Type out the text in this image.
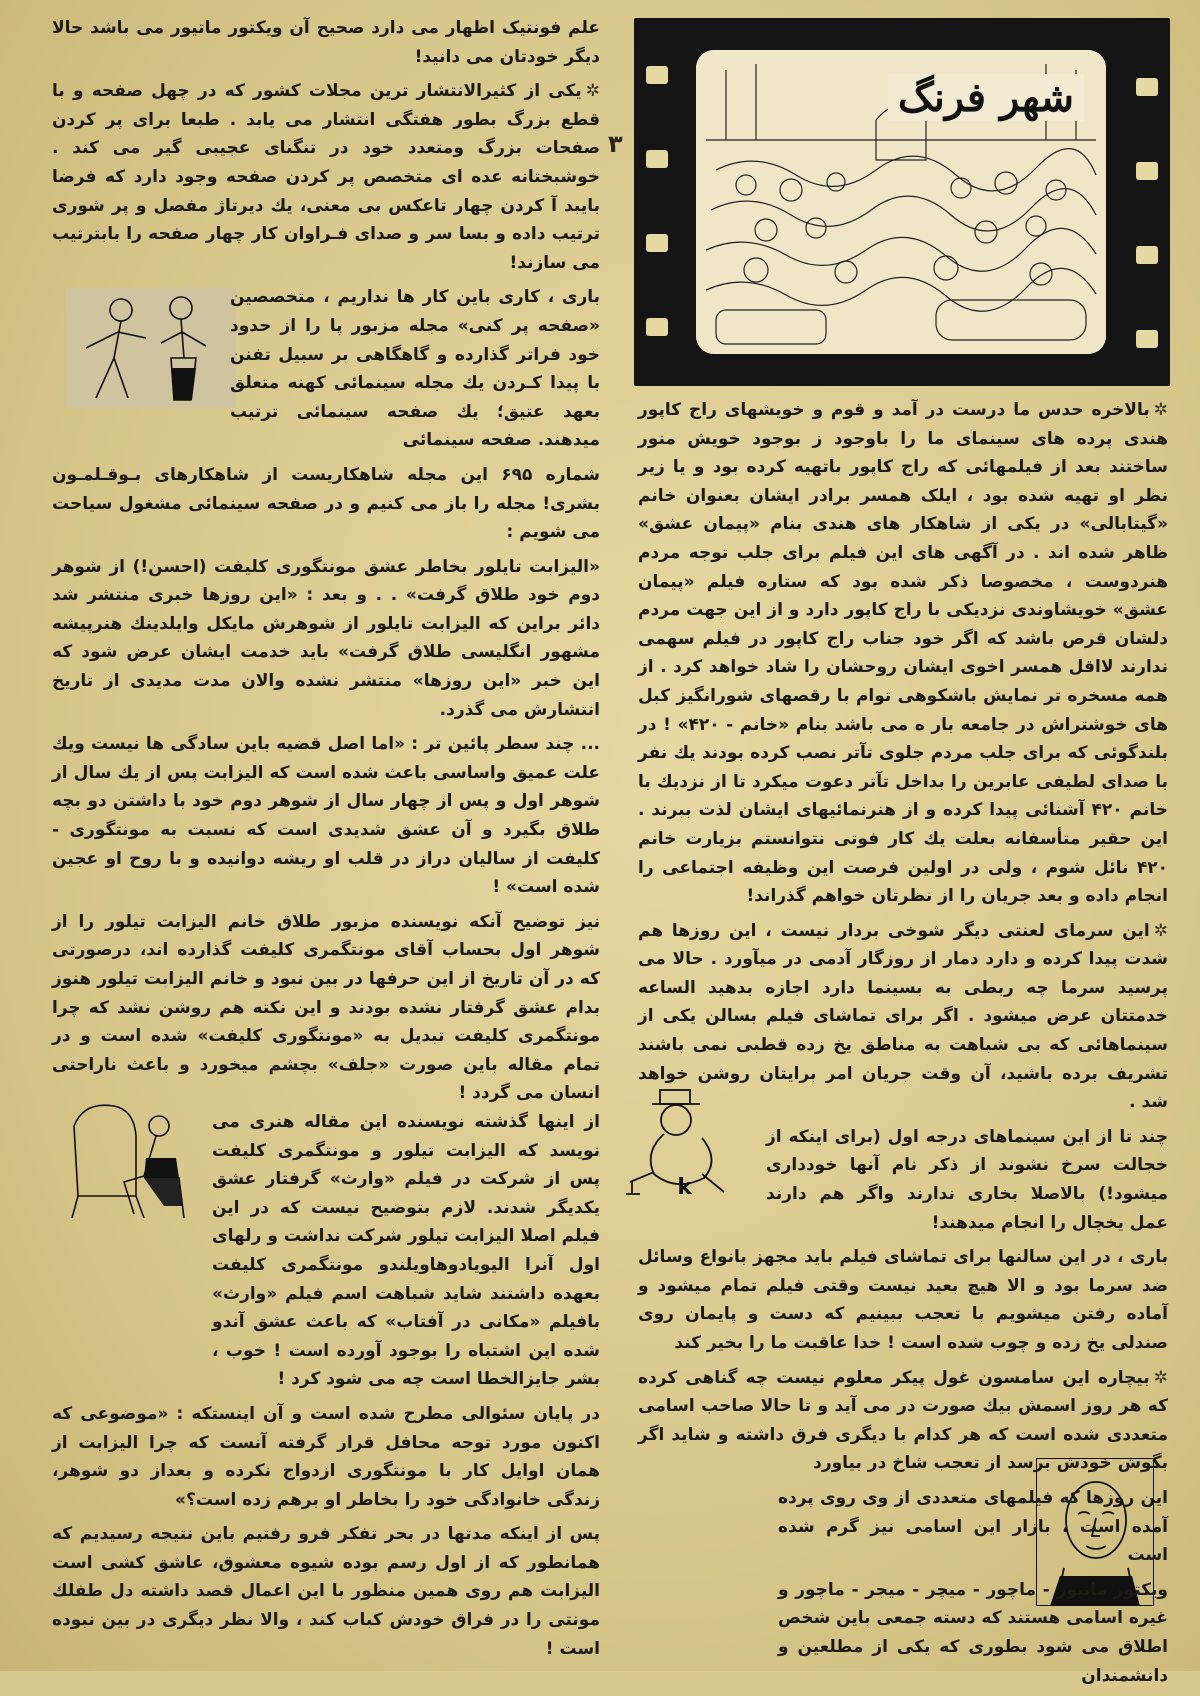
شهر فرنگ
۳
k

علم فونتیک اظهار می دارد صحیح آن ویکتور ماتیور می باشد حالا دیگر خودتان می دانید!

✲یکی از کثیرالانتشار ترین مجلات کشور که در چهل صفحه و با قطع بزرگ بطور هفتگی انتشار می یابد . طبعا برای پر کردن صفحات بزرگ ومتعدد خود در تنگنای عجیبی گیر می کند . خوشبختانه عده ای متخصص پر کردن صفحه وجود دارد که فرضا بایبد آ کردن چهار تاعکس بی معنی، یك دیرتاژ مفصل و پر شوری ترتیب داده و بسا سر و صدای فـراوان کار چهار صفحه را بابترتیب می سازند!

باری ، کاری باین کار ها نداریم ، متخصصین «صفحه پر کنی» مجله مزبور پا را از حدود خود فراتر گذارده و گاهگاهی بر سبیل تفنن با پیدا کـردن یك مجله سینمائی کهنه متعلق بعهد عتیق؛ یك صفحه سینمائی ترتیب میدهند. صفحه سینمائی

شماره ۶۹۵ این مجله شاهکاریست از شاهکارهای بـوقـلمـون بشری! مجله را باز می کنیم و در صفحه سینمائی مشغول سیاحت می شویم :

«الیزابت تایلور بخاطر عشق مونتگوری کلیفت (احسن!) از شوهر دوم خود طلاق گرفت» . . و بعد : «این روزها خبری منتشر شد دائر براین که الیزابت تایلور از شوهرش مایکل وایلدینك هنرپیشه مشهور انگلیسی طلاق گرفت» باید خدمت ایشان عرض شود که این خبر «این روزها» منتشر نشده والان مدت مدیدی از تاریخ انتشارش می گذرد.

... چند سطر پائین تر : «اما اصل قضیه باین سادگی ها نیست ویك علت عمیق واساسی باعث شده است که الیزابت پس از یك سال از شوهر اول و پس از چهار سال از شوهر دوم خود با داشتن دو بچه طلاق بگیرد و آن عشق شدیدی است که نسبت به مونتگوری - کلیفت از سالیان دراز در قلب او ریشه دوانیده و با روح او عجین شده است» !

نیز توضیح آنکه نویسنده مزبور طلاق خانم الیزابت تیلور را از شوهر اول بحساب آقای مونتگمری کلیفت گذارده اند، درصورتی که در آن تاریخ از این حرفها در بین نبود و خانم الیزابت تیلور هنوز بدام عشق گرفتار نشده بودند و این نکته هم روشن نشد که چرا مونتگمری کلیفت تبدیل به «مونتگوری کلیفت» شده است و در تمام مقاله باین صورت «جلف» بچشم میخورد و باعث ناراحتی انسان می گردد !

از اینها گذشته نویسنده این مقاله هنری می نویسد که الیزابت تیلور و مونتگمری کلیفت پس از شرکت در فیلم «وارث» گرفتار عشق یکدیگر شدند. لازم بتوضیح نیست که در این فیلم اصلا الیزابت تیلور شرکت نداشت و رلهای اول آنرا الیویادوهاویلندو مونتگمری کلیفت بعهده داشتند شاید شباهت اسم فیلم «وارث» بافیلم «مکانی در آفتاب» که باعث عشق آندو شده این اشتباه را بوجود آورده است ! خوب ، بشر جایزالخطا است چه می شود کرد !

در پایان سئوالی مطرح شده است و آن اینستکه : «موضوعی که اکنون مورد توجه محافل قرار گرفته آنست که چرا الیزابت از همان اوایل کار با مونتگوری ازدواج نکرده و بعداز دو شوهر، زندگی خانوادگی خود را بخاطر او برهم زده است؟»

پس از اینکه مدتها در بحر تفکر فرو رفتیم باین نتیجه رسیدیم که همانطور که از اول رسم بوده شیوه معشوق، عاشق کشی است الیزابت هم روی همین منظور با این اعمال قصد داشته دل طفلك مونتی را در فراق خودش کباب کند ، والا نظر دیگری در بین نبوده است !

✲بالاخره حدس ما درست در آمد و قوم و خویشهای راج کاپور هندی پرده های سینمای ما را باوجود ز بوجود خویش منور ساختند بعد از فیلمهائی که راج کاپور باتهیه کرده بود و یا زیر نظر او تهیه شده بود ، ایلک همسر برادر ایشان بعنوان خانم «گیتابالی» در یکی از شاهکار های هندی بنام «پیمان عشق» ظاهر شده اند . در آگهی های این فیلم برای جلب توجه مردم هنردوست ، مخصوصا ذکر شده بود که ستاره فیلم «پیمان عشق» خویشاوندی نزدیکی با راج کاپور دارد و از این جهت مردم دلشان قرص باشد که اگر خود جناب راج کاپور در فیلم سهمی ندارند لااقل همسر اخوی ایشان روحشان را شاد خواهد کرد . از همه مسخره تر نمایش باشکوهی توام با رقصهای شورانگیز کبل های خوشتراش در جامعه بار ه می باشد بنام «خانم - ۴۲۰» ! در بلندگوئی که برای جلب مردم جلوی تآتر نصب کرده بودند یك نفر با صدای لطیفی عابرین را بداخل تآتر دعوت میکرد تا از نزدیك با خانم ۴۲۰ آشنائی پیدا کرده و از هنرنمائیهای ایشان لذت ببرند . این حقیر متأسفانه بعلت یك کار فوتی نتوانستم بزیارت خانم ۴۲۰ نائل شوم ، ولی در اولین فرصت این وظیفه اجتماعی را انجام داده و بعد جریان را از نظرتان خواهم گذراند!

✲این سرمای لعنتی دیگر شوخی بردار نیست ، این روزها هم شدت پیدا کرده و دارد دمار از روزگار آدمی در میآورد . حالا می پرسید سرما چه ربطی به بسینما دارد اجازه بدهید الساعه خدمتتان عرض میشود . اگر برای تماشای فیلم بسالن یکی از سینماهائی که بی شباهت به مناطق یخ زده قطبی نمی باشند تشریف برده باشید، آن وقت جریان امر برایتان روشن خواهد شد .

چند تا از این سینماهای درجه اول (برای اینکه از خجالت سرخ نشوند از ذکر نام آنها خودداری میشود!) بالاصلا بخاری ندارند واگر هم دارند عمل یخچال را انجام میدهند!

باری ، در این سالنها برای تماشای فیلم باید مجهز بانواع وسائل ضد سرما بود و الا هیچ بعید نیست وقتی فیلم تمام میشود و آماده رفتن میشویم با تعجب ببینیم که دست و پایمان روی صندلی یخ زده و چوب شده است ! خدا عاقبت ما را بخیر کند

✲بیچاره این سامسون غول پیکر معلوم نیست چه گناهی کرده که هر روز اسمش بیك صورت در می آید و تا حالا صاحب اسامی متعددی شده است که هر کدام با دیگری فرق داشته و شاید اگر بگوش خودش برسد از تعجب شاخ در بیاورد

این روزها که فیلمهای متعددی از وی روی پرده آمده است ، بازار این اسامی نیز گرم شده است

ویکتور ماتیور - ماچور - میچر - میجر - ماچور و غیره اسامی هستند که دسته جمعی باین شخص اطلاق می شود بطوری که یکی از مطلعین و دانشمندان
